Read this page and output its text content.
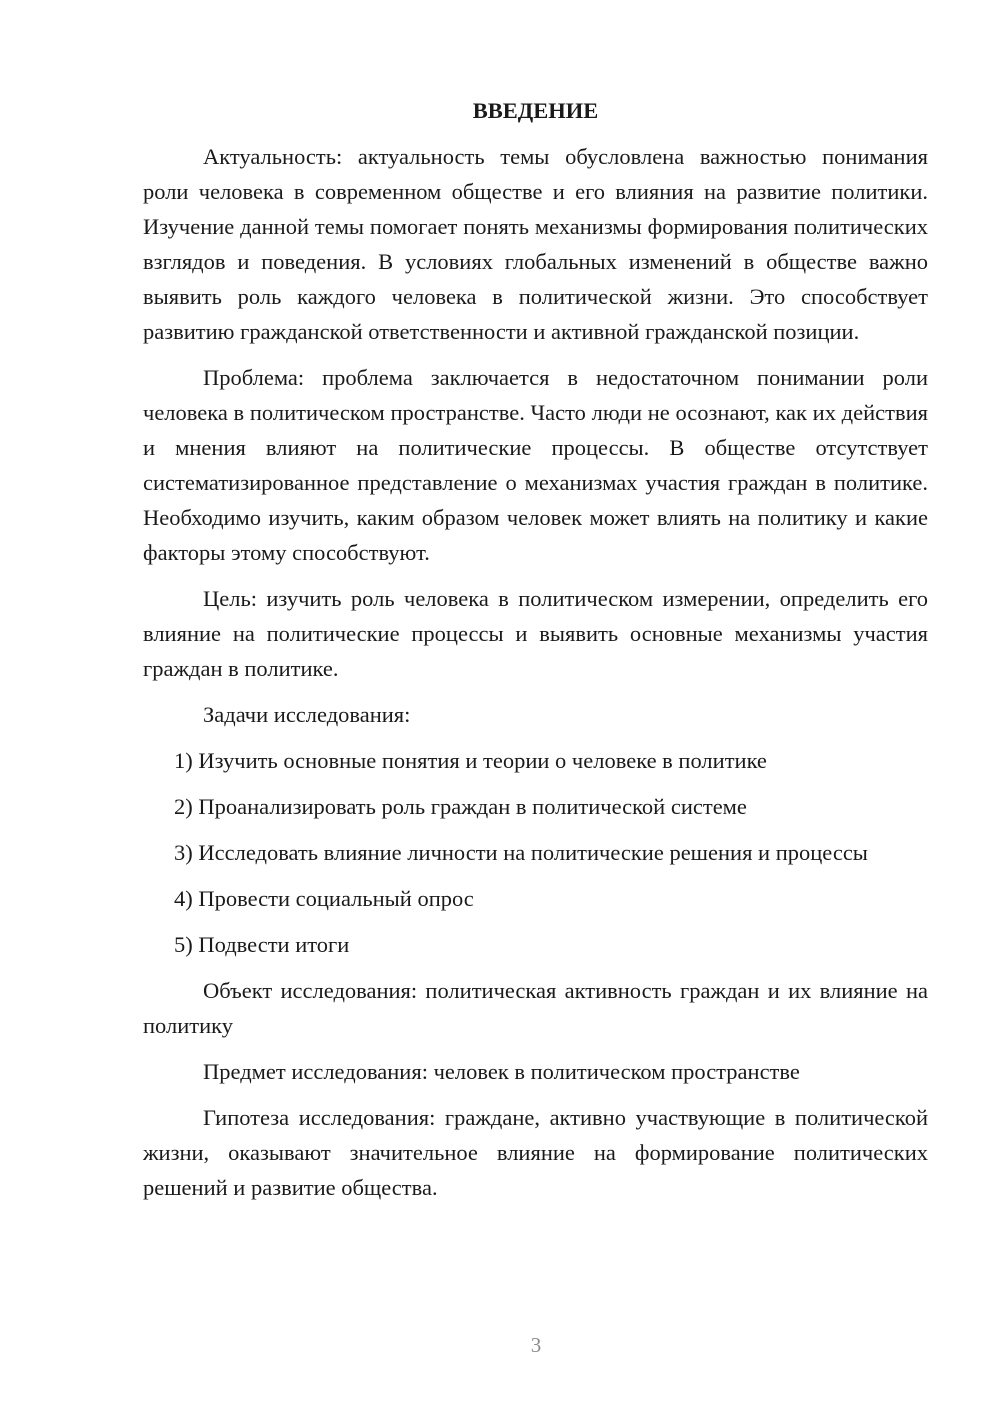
ВВЕДЕНИЕ

Актуальность: актуальность темы обусловлена важностью понимания роли человека в современном обществе и его влияния на развитие политики. Изучение данной темы помогает понять механизмы формирования политических взглядов и поведения. В условиях глобальных изменений в обществе важно выявить роль каждого человека в политической жизни. Это способствует развитию гражданской ответственности и активной гражданской позиции.

Проблема: проблема заключается в недостаточном понимании роли человека в политическом пространстве. Часто люди не осознают, как их действия и мнения влияют на политические процессы. В обществе отсутствует систематизированное представление о механизмах участия граждан в политике. Необходимо изучить, каким образом человек может влиять на политику и какие факторы этому способствуют.

Цель: изучить роль человека в политическом измерении, определить его влияние на политические процессы и выявить основные механизмы участия граждан в политике.

Задачи исследования:

1) Изучить основные понятия и теории о человеке в политике

2) Проанализировать роль граждан в политической системе

3) Исследовать влияние личности на политические решения и процессы

4) Провести социальный опрос

5) Подвести итоги

Объект исследования: политическая активность граждан и их влияние на политику

Предмет исследования: человек в политическом пространстве

Гипотеза исследования: граждане, активно участвующие в политической жизни, оказывают значительное влияние на формирование политических решений и развитие общества.

3
